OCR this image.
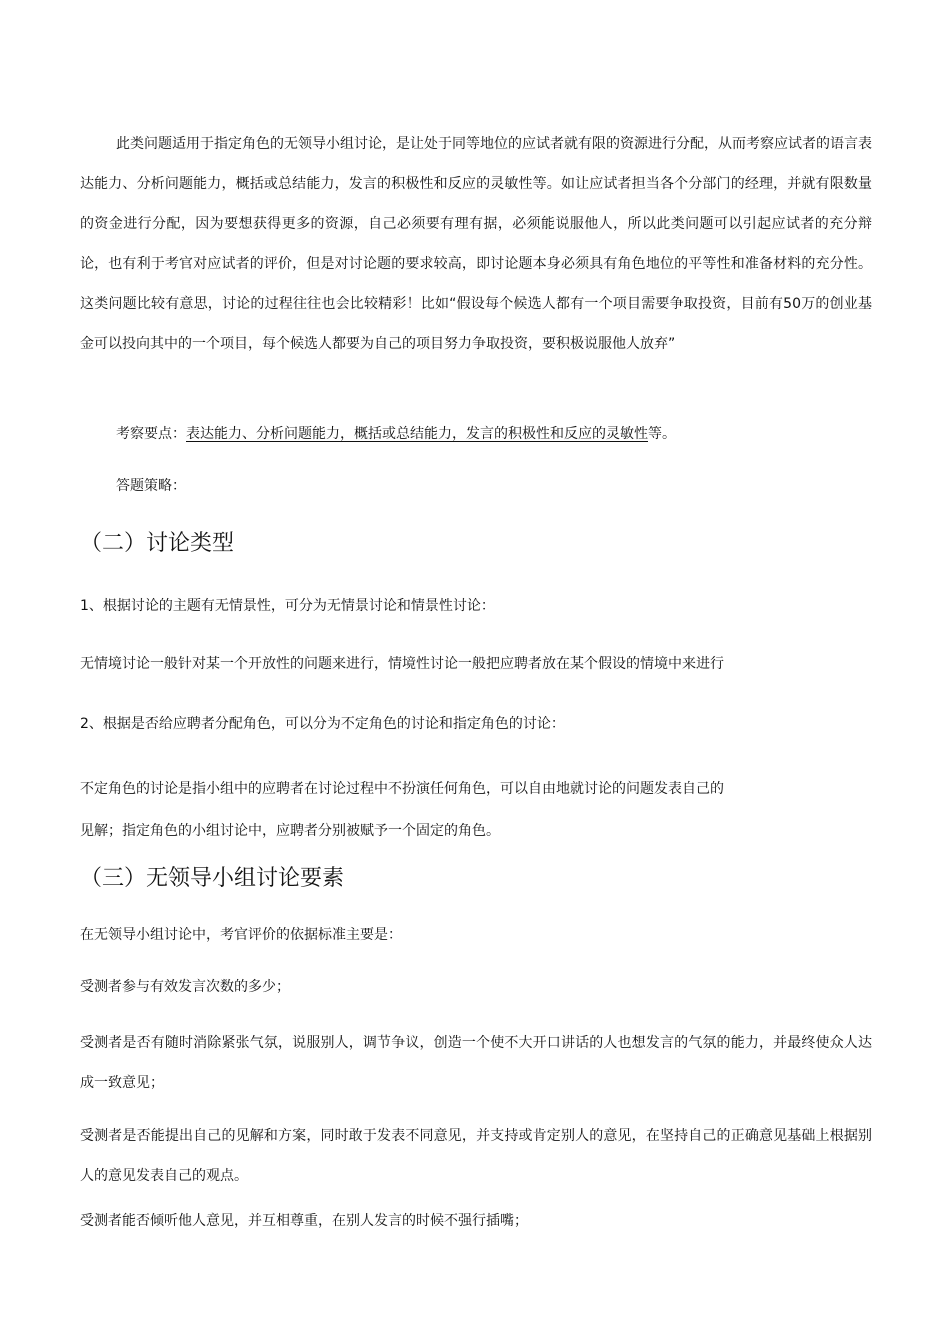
此类问题适用于指定角色的无领导小组讨论，是让处于同等地位的应试者就有限的资源进行分配，从而考察应试者的语言表达能力、分析问题能力，概括或总结能力，发言的积极性和反应的灵敏性等。如让应试者担当各个分部门的经理，并就有限数量的资金进行分配，因为要想获得更多的资源，自己必须要有理有据，必须能说服他人，所以此类问题可以引起应试者的充分辩论，也有利于考官对应试者的评价，但是对讨论题的要求较高，即讨论题本身必须具有角色地位的平等性和准备材料的充分性。这类问题比较有意思，讨论的过程往往也会比较精彩！比如“假设每个候选人都有一个项目需要争取投资，目前有50万的创业基金可以投向其中的一个项目，每个候选人都要为自己的项目努力争取投资，要积极说服他人放弃”

考察要点：表达能力、分析问题能力，概括或总结能力，发言的积极性和反应的灵敏性等。

答题策略：

（二）讨论类型

1、根据讨论的主题有无情景性，可分为无情景讨论和情景性讨论：

无情境讨论一般针对某一个开放性的问题来进行，情境性讨论一般把应聘者放在某个假设的情境中来进行

2、根据是否给应聘者分配角色，可以分为不定角色的讨论和指定角色的讨论：

不定角色的讨论是指小组中的应聘者在讨论过程中不扮演任何角色，可以自由地就讨论的问题发表自己的
见解；指定角色的小组讨论中，应聘者分别被赋予一个固定的角色。

（三）无领导小组讨论要素

在无领导小组讨论中，考官评价的依据标准主要是：

受测者参与有效发言次数的多少；

受测者是否有随时消除紧张气氛，说服别人，调节争议，创造一个使不大开口讲话的人也想发言的气氛的能力，并最终使众人达成一致意见；

受测者是否能提出自己的见解和方案，同时敢于发表不同意见，并支持或肯定别人的意见，在坚持自己的正确意见基础上根据别人的意见发表自己的观点。

受测者能否倾听他人意见，并互相尊重，在别人发言的时候不强行插嘴；
